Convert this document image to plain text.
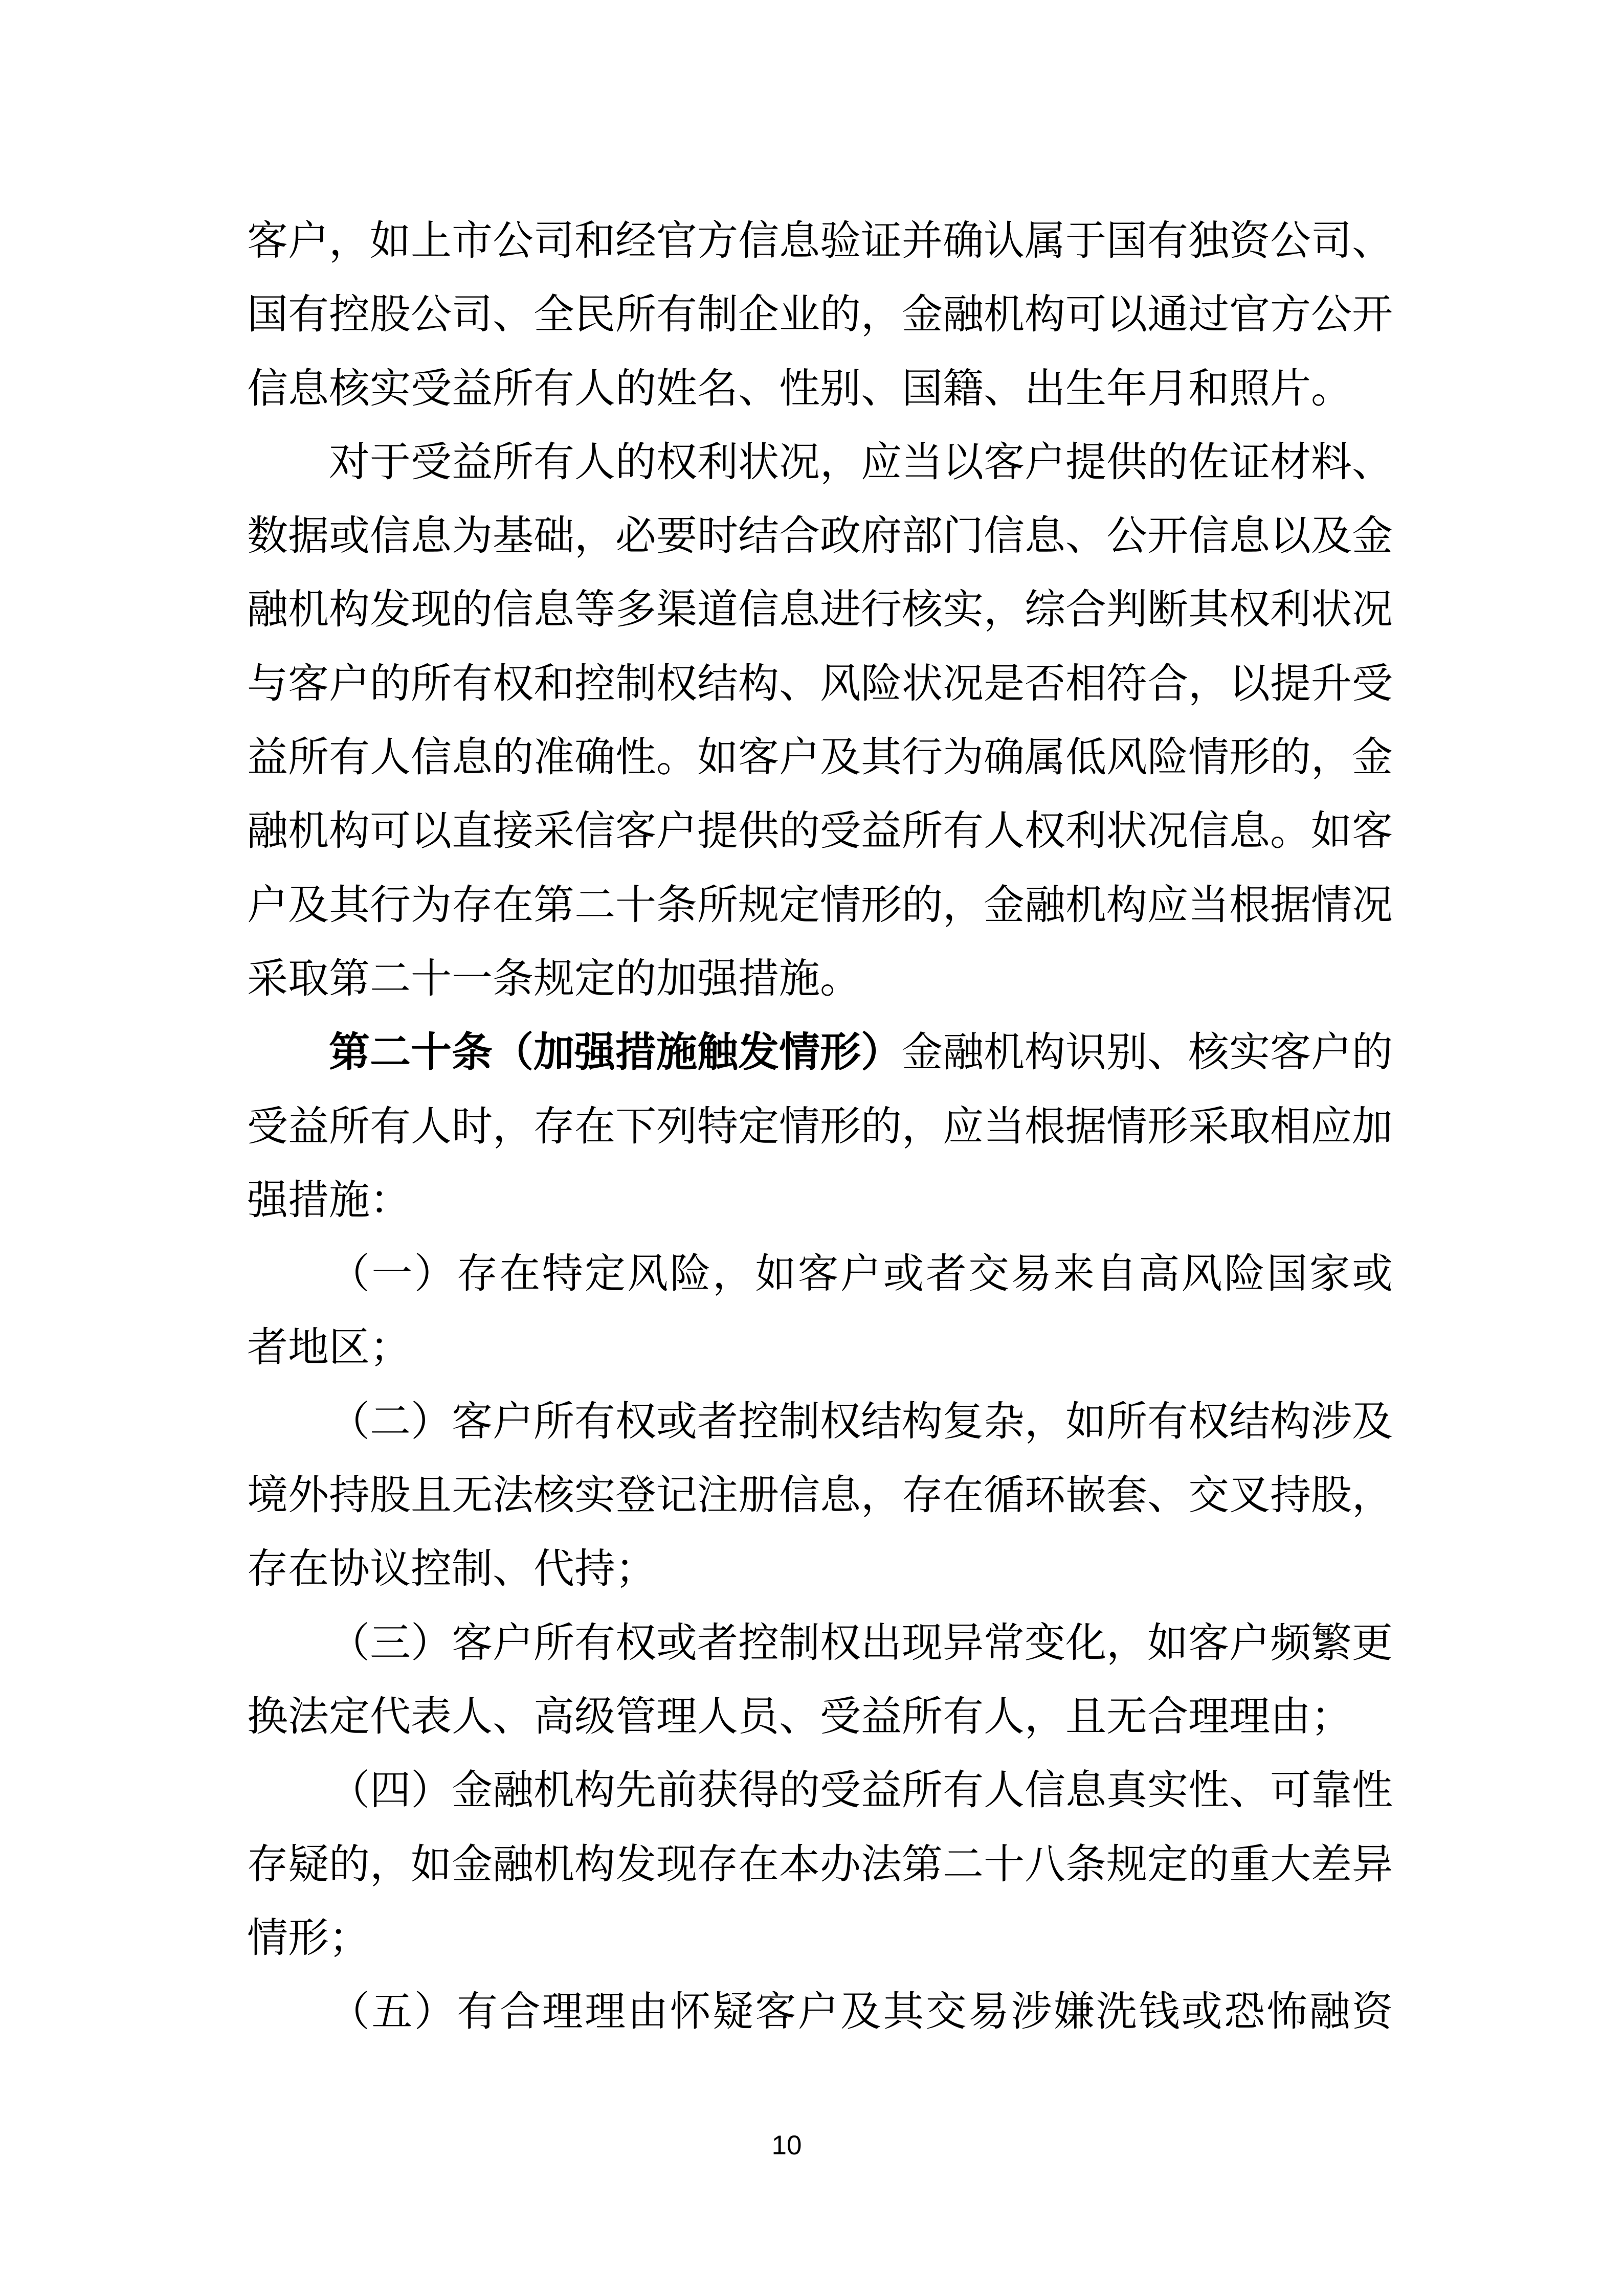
客户，如上市公司和经官方信息验证并确认属于国有独资公司、
国有控股公司、全民所有制企业的，金融机构可以通过官方公开
信息核实受益所有人的姓名、性别、国籍、出生年月和照片。
对于受益所有人的权利状况，应当以客户提供的佐证材料、
数据或信息为基础，必要时结合政府部门信息、公开信息以及金
融机构发现的信息等多渠道信息进行核实，综合判断其权利状况
与客户的所有权和控制权结构、风险状况是否相符合，以提升受
益所有人信息的准确性。如客户及其行为确属低风险情形的，金
融机构可以直接采信客户提供的受益所有人权利状况信息。如客
户及其行为存在第二十条所规定情形的，金融机构应当根据情况
采取第二十一条规定的加强措施。
第二十条（加强措施触发情形）金融机构识别、核实客户的
受益所有人时，存在下列特定情形的，应当根据情形采取相应加
强措施：
（一）存在特定风险，如客户或者交易来自高风险国家或
者地区；
（二）客户所有权或者控制权结构复杂，如所有权结构涉及
境外持股且无法核实登记注册信息，存在循环嵌套、交叉持股，
存在协议控制、代持；
（三）客户所有权或者控制权出现异常变化，如客户频繁更
换法定代表人、高级管理人员、受益所有人，且无合理理由；
（四）金融机构先前获得的受益所有人信息真实性、可靠性
存疑的，如金融机构发现存在本办法第二十八条规定的重大差异
情形；
（五）有合理理由怀疑客户及其交易涉嫌洗钱或恐怖融资
10
